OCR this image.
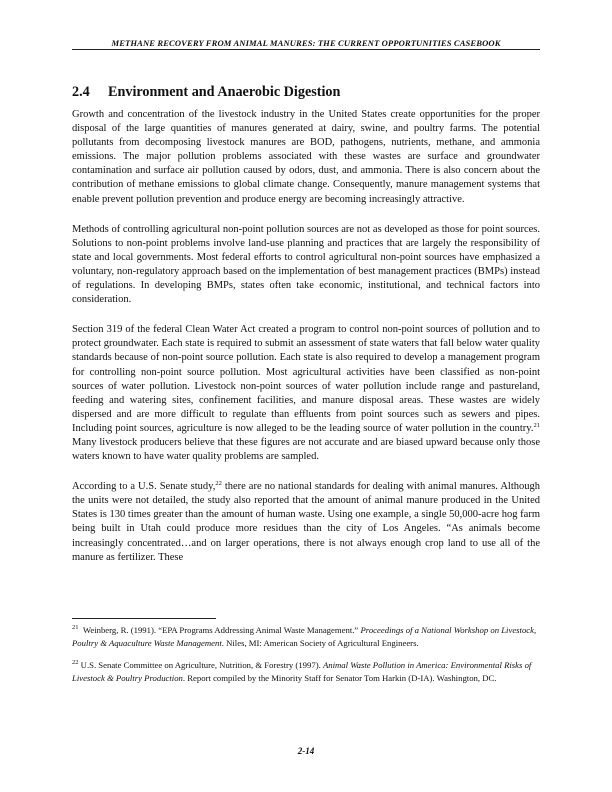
METHANE RECOVERY FROM ANIMAL MANURES: THE CURRENT OPPORTUNITIES CASEBOOK
2.4 Environment and Anaerobic Digestion

Growth and concentration of the livestock industry in the United States create opportunities for the proper disposal of the large quantities of manures generated at dairy, swine, and poultry farms. The potential pollutants from decomposing livestock manures are BOD, pathogens, nutrients, methane, and ammonia emissions. The major pollution problems associated with these wastes are surface and groundwater contamination and surface air pollution caused by odors, dust, and ammonia. There is also concern about the contribution of methane emissions to global climate change. Consequently, manure management systems that enable prevent pollution prevention and produce energy are becoming increasingly attractive.

Methods of controlling agricultural non-point pollution sources are not as developed as those for point sources. Solutions to non-point problems involve land-use planning and practices that are largely the responsibility of state and local governments. Most federal efforts to control agricultural non-point sources have emphasized a voluntary, non-regulatory approach based on the implementation of best management practices (BMPs) instead of regulations. In developing BMPs, states often take economic, institutional, and technical factors into consideration.

Section 319 of the federal Clean Water Act created a program to control non-point sources of pollution and to protect groundwater. Each state is required to submit an assessment of state waters that fall below water quality standards because of non-point source pollution. Each state is also required to develop a management program for controlling non-point source pollution. Most agricultural activities have been classified as non-point sources of water pollution. Livestock non-point sources of water pollution include range and pastureland, feeding and watering sites, confinement facilities, and manure disposal areas. These wastes are widely dispersed and are more difficult to regulate than effluents from point sources such as sewers and pipes. Including point sources, agriculture is now alleged to be the leading source of water pollution in the country.$^{21}$ Many livestock producers believe that these figures are not accurate and are biased upward because only those waters known to have water quality problems are sampled.

According to a U.S. Senate study,$^{22}$ there are no national standards for dealing with animal manures. Although the units were not detailed, the study also reported that the amount of animal manure produced in the United States is 130 times greater than the amount of human waste. Using one example, a single 50,000-acre hog farm being built in Utah could produce more residues than the city of Los Angeles. “As animals become increasingly concentrated…and on larger operations, there is not always enough crop land to use all of the manure as fertilizer. These

$^{21}$ Weinberg, R. (1991). “EPA Programs Addressing Animal Waste Management.” Proceedings of a National Workshop on Livestock, Poultry & Aquaculture Waste Management. Niles, MI: American Society of Agricultural Engineers.

$^{22}$ U.S. Senate Committee on Agriculture, Nutrition, & Forestry (1997). Animal Waste Pollution in America: Environmental Risks of Livestock & Poultry Production. Report compiled by the Minority Staff for Senator Tom Harkin (D-IA). Washington, DC.

2-14
